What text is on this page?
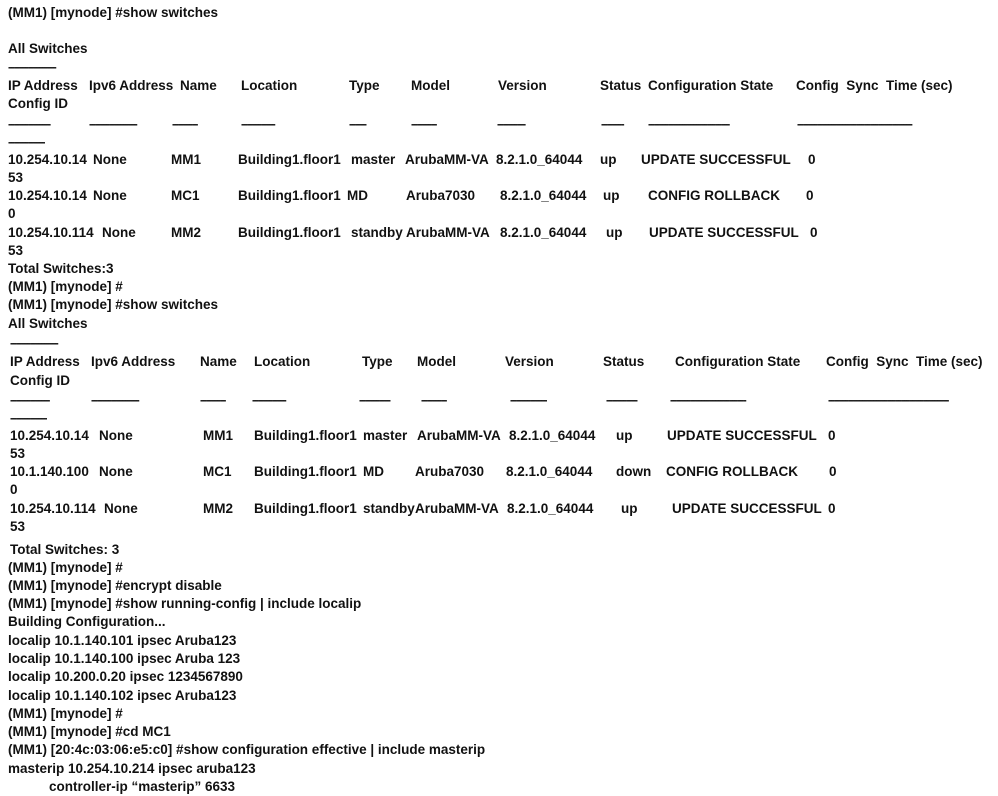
(MM1) [mynode] #show switches
All Switches
-----------------
IP Address Ipv6 Address Name Location	Type Model	Version	Status Configuration State Config  Sync  Time (sec)
Config ID
---------------	-----------------	---------	------------	------	---------	----------	-------- -----------------------------	-----------------------------------------
-------------
10.254.10.14 None	MM1	Building1.floor1 master ArubaMM-VA 8.2.1.0_64044 up UPDATE SUCCESSFUL 0
53
10.254.10.14 None	MC1	Building1.floor1 MD	Aruba7030 8.2.1.0_64044 up CONFIG ROLLBACK 0
0
10.254.10.114 None	MM2	Building1.floor1 standby ArubaMM-VA 8.2.1.0_64044 up UPDATE SUCCESSFUL 0
53
Total Switches:3
(MM1) [mynode] #
(MM1) [mynode] #show switches
All Switches
-----------------
IP Address Ipv6 Address Name Location	Type Model	Version	Status Configuration State Config  Sync  Time (sec)
Config ID
--------------	-----------------	--------- ------------	-----------	---------	-------------	-----------	---------------------------	-------------------------------------------
-------------
10.254.10.14 None	MM1 Building1.floor1 master ArubaMM-VA 8.2.1.0_64044 up	UPDATE SUCCESSFUL 0
53
10.1.140.100 None	MC1 Building1.floor1 MD Aruba7030 8.2.1.0_64044 down CONFIG ROLLBACK 0
0
10.254.10.114 None	MM2 Building1.floor1 standby ArubaMM-VA 8.2.1.0_64044 up	UPDATE SUCCESSFUL 0
53
Total Switches: 3
(MM1) [mynode] #
(MM1) [mynode] #encrypt disable
(MM1) [mynode] #show running-config | include localip
Building Configuration...
localip 10.1.140.101 ipsec Aruba123
localip 10.1.140.100 ipsec Aruba 123
localip 10.200.0.20 ipsec 1234567890
localip 10.1.140.102 ipsec Aruba123
(MM1) [mynode] #
(MM1) [mynode] #cd MC1
(MM1) [20:4c:03:06:e5:c0] #show configuration effective | include masterip
masterip 10.254.10.214 ipsec aruba123
controller-ip “masterip” 6633
